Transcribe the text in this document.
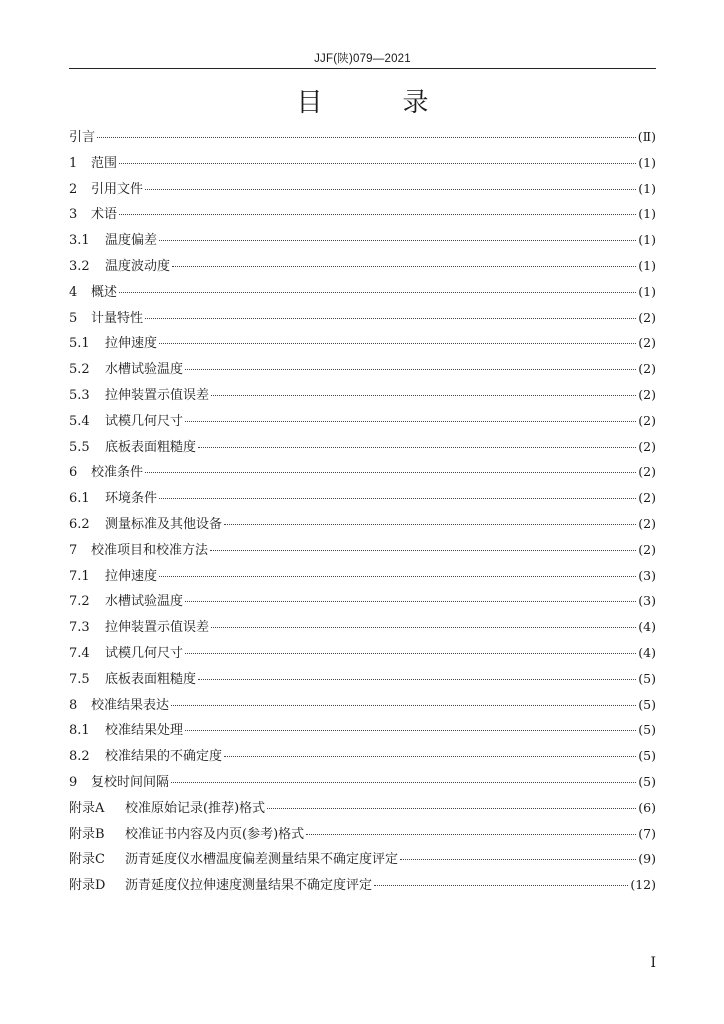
JJF(陕)079—2021
目	录
引言	(Ⅱ)
1 范围	(1)
2 引用文件	(1)
3 术语	(1)
3.1 温度偏差	(1)
3.2 温度波动度	(1)
4 概述	(1)
5 计量特性	(2)
5.1 拉伸速度	(2)
5.2 水槽试验温度	(2)
5.3 拉伸装置示值误差	(2)
5.4 试模几何尺寸	(2)
5.5 底板表面粗糙度	(2)
6 校准条件	(2)
6.1 环境条件	(2)
6.2 测量标准及其他设备	(2)
7 校准项目和校准方法	(2)
7.1 拉伸速度	(3)
7.2 水槽试验温度	(3)
7.3 拉伸装置示值误差	(4)
7.4 试模几何尺寸	(4)
7.5 底板表面粗糙度	(5)
8 校准结果表达	(5)
8.1 校准结果处理	(5)
8.2 校准结果的不确定度	(5)
9 复校时间间隔	(5)
附录A 校准原始记录(推荐)格式	(6)
附录B 校准证书内容及内页(参考)格式	(7)
附录C 沥青延度仪水槽温度偏差测量结果不确定度评定	(9)
附录D 沥青延度仪拉伸速度测量结果不确定度评定	(12)
I
